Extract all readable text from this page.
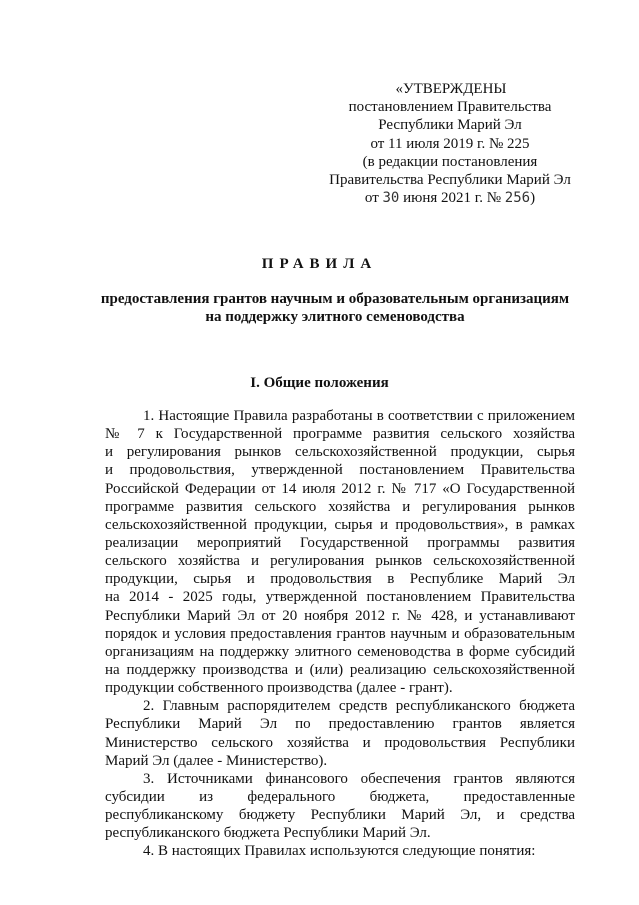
«УТВЕРЖДЕНЫ
постановлением Правительства
Республики Марий Эл
от 11 июля 2019 г. № 225
(в редакции постановления
Правительства Республики Марий Эл
от 30 июня 2021 г. № 256)
ПРАВИЛА
предоставления грантов научным и образовательным организациям
на поддержку элитного семеноводства
I. Общие положения
1. Настоящие Правила разработаны в соответствии с приложением
№ 7 к Государственной программе развития сельского хозяйства
и регулирования рынков сельскохозяйственной продукции, сырья
и продовольствия, утвержденной постановлением Правительства
Российской Федерации от 14 июля 2012 г. № 717 «О Государственной
программе развития сельского хозяйства и регулирования рынков
сельскохозяйственной продукции, сырья и продовольствия», в рамках
реализации мероприятий Государственной программы развития
сельского хозяйства и регулирования рынков сельскохозяйственной
продукции, сырья и продовольствия в Республике Марий Эл
на 2014 - 2025 годы, утвержденной постановлением Правительства
Республики Марий Эл от 20 ноября 2012 г. № 428, и устанавливают
порядок и условия предоставления грантов научным и образовательным
организациям на поддержку элитного семеноводства в форме субсидий
на поддержку производства и (или) реализацию сельскохозяйственной
продукции собственного производства (далее - грант).
2. Главным распорядителем средств республиканского бюджета
Республики Марий Эл по предоставлению грантов является
Министерство сельского хозяйства и продовольствия Республики
Марий Эл (далее - Министерство).
3. Источниками финансового обеспечения грантов являются
субсидии из федерального бюджета, предоставленные
республиканскому бюджету Республики Марий Эл, и средства
республиканского бюджета Республики Марий Эл.
4. В настоящих Правилах используются следующие понятия:
